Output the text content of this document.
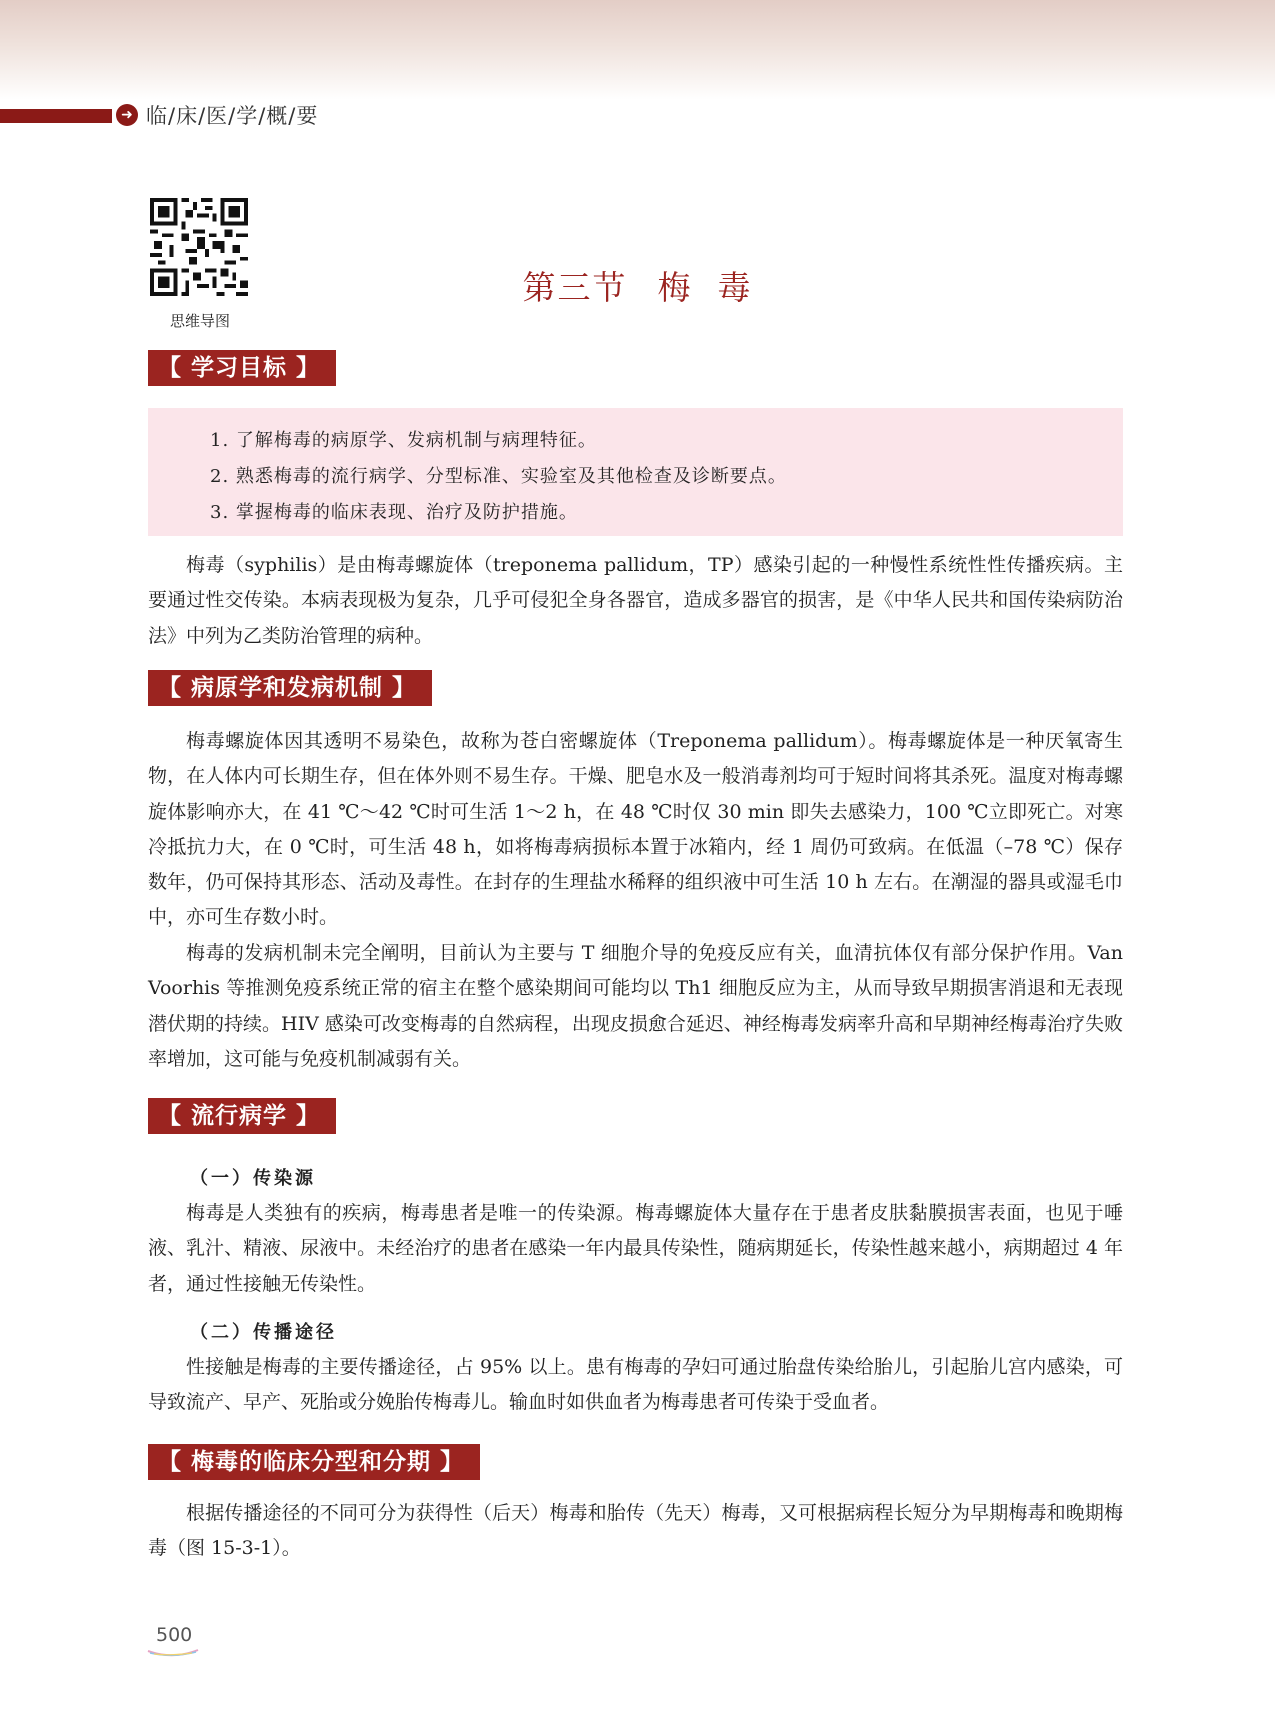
➜ 临/床/医/学/概/要
思维导图
第三节 梅  毒
【 学习目标 】
1. 了解梅毒的病原学、发病机制与病理特征。
2. 熟悉梅毒的流行病学、分型标准、实验室及其他检查及诊断要点。
3. 掌握梅毒的临床表现、治疗及防护措施。

梅毒（syphilis）是由梅毒螺旋体（treponema pallidum，TP）感染引起的一种慢性系统性性传播疾病。主要通过性交传染。本病表现极为复杂，几乎可侵犯全身各器官，造成多器官的损害，是《中华人民共和国传染病防治法》中列为乙类防治管理的病种。

【 病原学和发病机制 】

梅毒螺旋体因其透明不易染色，故称为苍白密螺旋体（Treponema pallidum）。梅毒螺旋体是一种厌氧寄生物，在人体内可长期生存，但在体外则不易生存。干燥、肥皂水及一般消毒剂均可于短时间将其杀死。温度对梅毒螺旋体影响亦大，在 41 ℃～42 ℃时可生活 1～2 h，在 48 ℃时仅 30 min 即失去感染力，100 ℃立即死亡。对寒冷抵抗力大，在 0 ℃时，可生活 48 h，如将梅毒病损标本置于冰箱内，经 1 周仍可致病。在低温（–78 ℃）保存数年，仍可保持其形态、活动及毒性。在封存的生理盐水稀释的组织液中可生活 10 h 左右。在潮湿的器具或湿毛巾中，亦可生存数小时。

梅毒的发病机制未完全阐明，目前认为主要与 T 细胞介导的免疫反应有关，血清抗体仅有部分保护作用。Van Voorhis 等推测免疫系统正常的宿主在整个感染期间可能均以 Th1 细胞反应为主，从而导致早期损害消退和无表现潜伏期的持续。HIV 感染可改变梅毒的自然病程，出现皮损愈合延迟、神经梅毒发病率升高和早期神经梅毒治疗失败率增加，这可能与免疫机制减弱有关。

【 流行病学 】
（一）传染源

梅毒是人类独有的疾病，梅毒患者是唯一的传染源。梅毒螺旋体大量存在于患者皮肤黏膜损害表面，也见于唾液、乳汁、精液、尿液中。未经治疗的患者在感染一年内最具传染性，随病期延长，传染性越来越小，病期超过 4 年者，通过性接触无传染性。

（二）传播途径

性接触是梅毒的主要传播途径，占 95% 以上。患有梅毒的孕妇可通过胎盘传染给胎儿，引起胎儿宫内感染，可导致流产、早产、死胎或分娩胎传梅毒儿。输血时如供血者为梅毒患者可传染于受血者。

【 梅毒的临床分型和分期 】

根据传播途径的不同可分为获得性（后天）梅毒和胎传（先天）梅毒，又可根据病程长短分为早期梅毒和晚期梅毒（图 15-3-1）。

500
